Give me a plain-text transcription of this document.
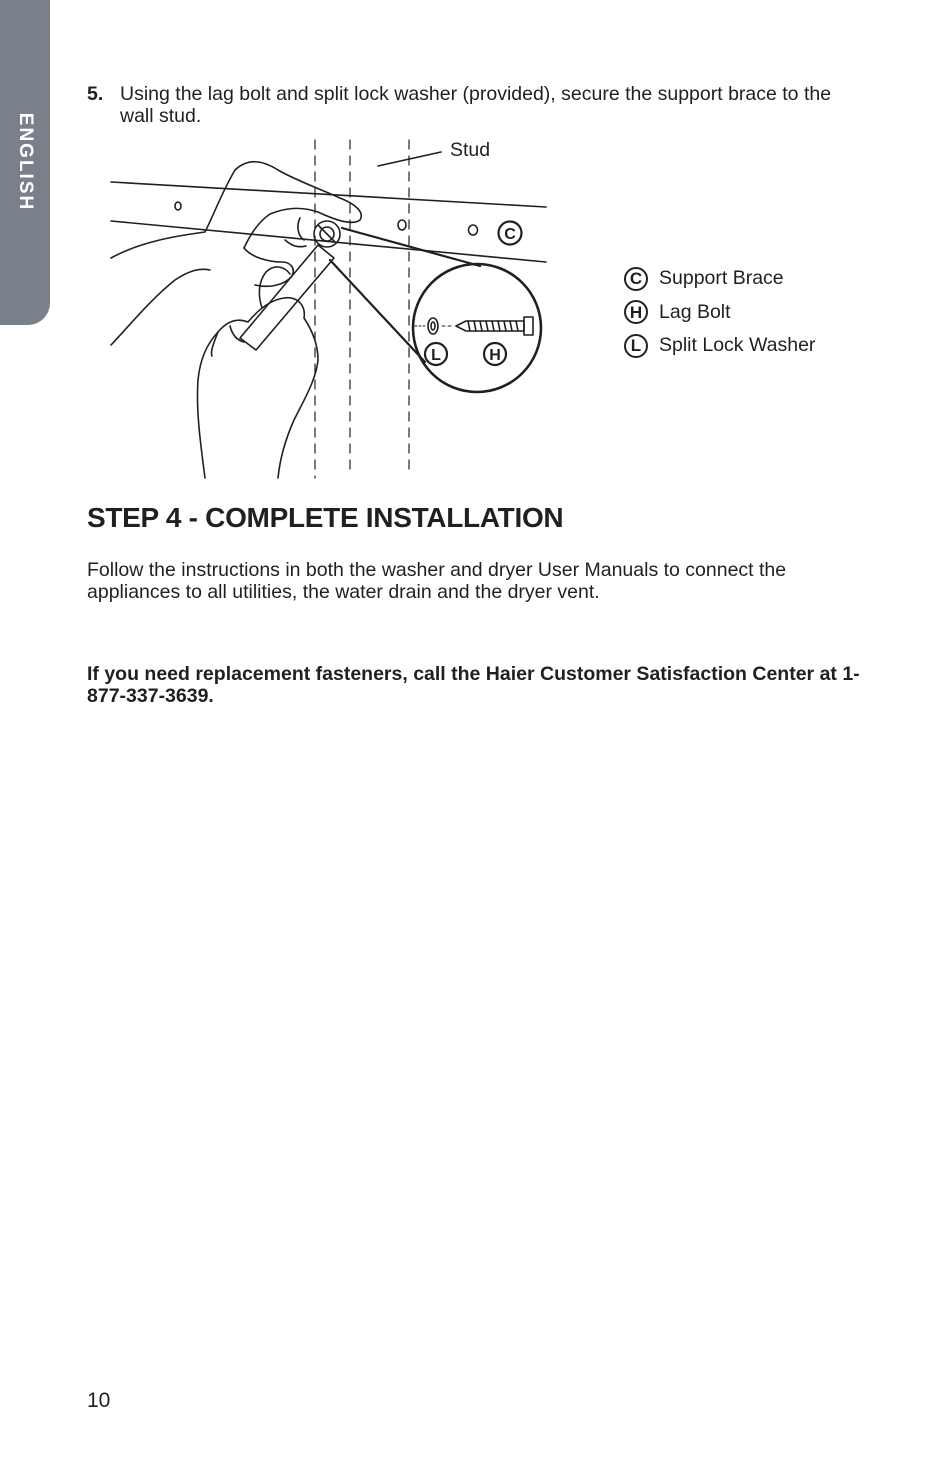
ENGLISH
5. Using the lag bolt and split lock washer (provided), secure the support brace to the wall stud.
C
L	H
Stud
C Support Brace
H Lag Bolt
L Split Lock Washer
STEP 4 - COMPLETE INSTALLATION

Follow the instructions in both the washer and dryer User Manuals to connect the appliances to all utilities, the water drain and the dryer vent.

If you need replacement fasteners, call the Haier Customer Satisfaction Center at 1-877-337-3639.

10
